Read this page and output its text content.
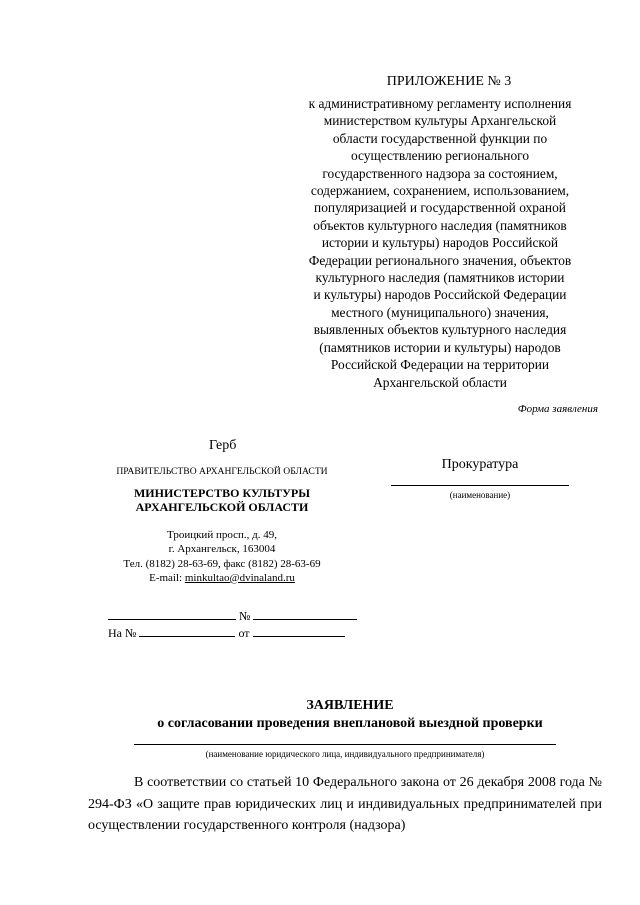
ПРИЛОЖЕНИЕ № 3
к административному регламенту исполнения
министерством культуры Архангельской
области государственной функции по
осуществлению регионального
государственного надзора за состоянием,
содержанием, сохранением, использованием,
популяризацией и государственной охраной
объектов культурного наследия (памятников
истории и культуры) народов Российской
Федерации регионального значения, объектов
культурного наследия (памятников истории
и культуры) народов Российской Федерации
местного (муниципального) значения,
выявленных объектов культурного наследия
(памятников истории и культуры) народов
Российской Федерации на территории
Архангельской области
Форма заявления
Герб
ПРАВИТЕЛЬСТВО АРХАНГЕЛЬСКОЙ ОБЛАСТИ
МИНИСТЕРСТВО КУЛЬТУРЫ
АРХАНГЕЛЬСКОЙ ОБЛАСТИ
Троицкий просп., д. 49,
г. Архангельск, 163004
Тел. (8182) 28-63-69, факс (8182) 28-63-69
E-mail: minkultao@dvinaland.ru
Прокуратура
(наименование)
№
На №	от
ЗАЯВЛЕНИЕ
о согласовании проведения внеплановой выездной проверки
(наименование юридического лица, индивидуального предпринимателя)

В соответствии со статьей 10 Федерального закона от 26 декабря 2008 года № 294-ФЗ «О защите прав юридических лиц и индивидуальных предпринимателей при осуществлении государственного контроля (надзора)
